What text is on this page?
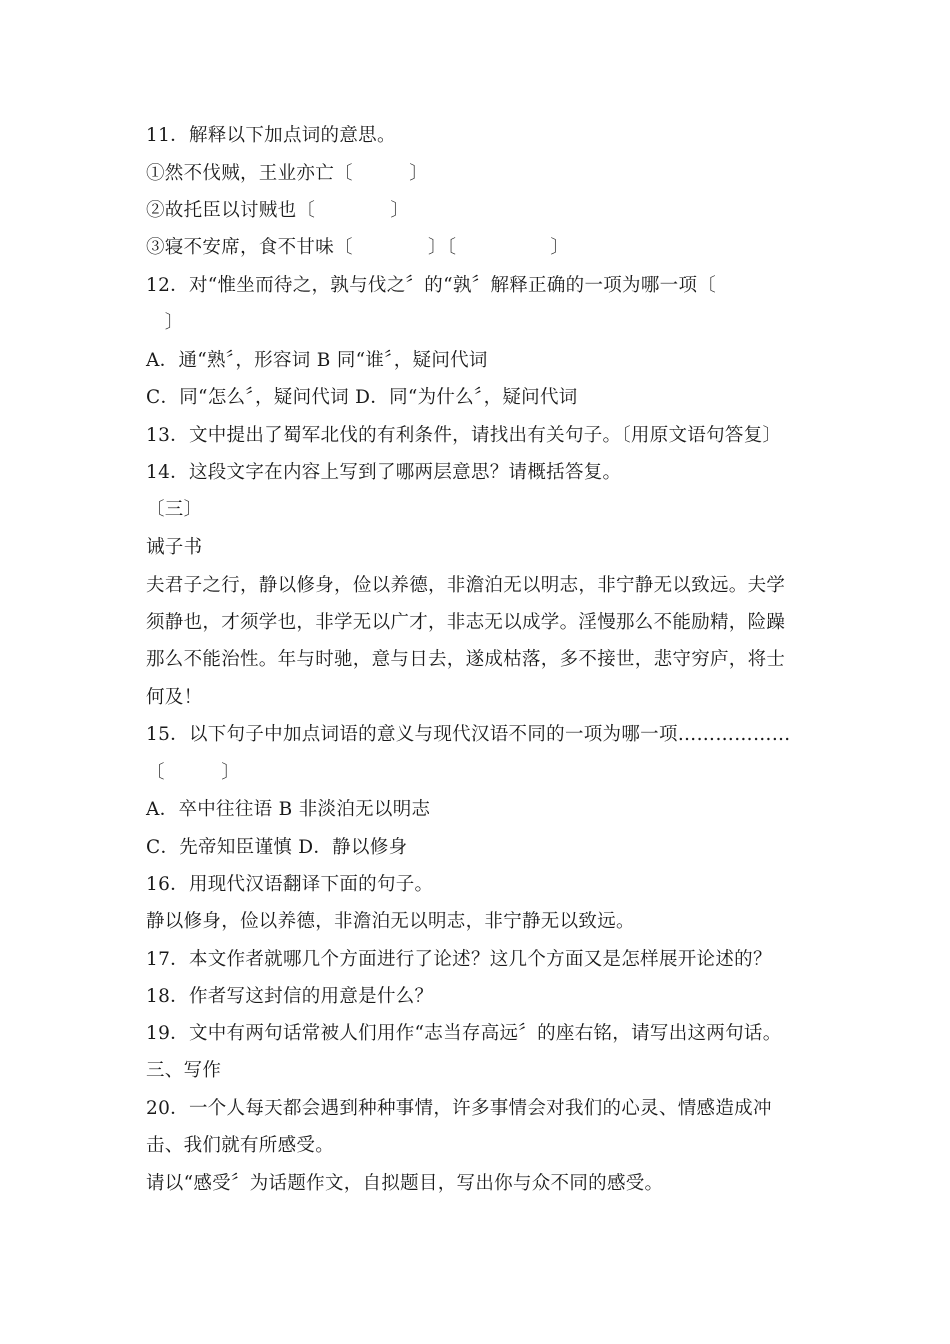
11．解释以下加点词的意思。
①然不伐贼，王业亦亡〔　　　〕
②故托臣以讨贼也〔　　　　〕
③寝不安席，食不甘味〔　　　　〕〔　　　　　〕
12．对“惟坐而待之，孰与伐之〞的“孰〞解释正确的一项为哪一项〔
　〕
A．通“熟〞，形容词 B 同“谁〞，疑问代词
C．同“怎么〞，疑问代词 D．同“为什么〞，疑问代词
13．文中提出了蜀军北伐的有利条件，请找出有关句子。〔用原文语句答复〕
14．这段文字在内容上写到了哪两层意思？请概括答复。
〔三〕
诫子书
夫君子之行，静以修身，俭以养德，非澹泊无以明志，非宁静无以致远。夫学
须静也，才须学也，非学无以广才，非志无以成学。淫慢那么不能励精，险躁
那么不能治性。年与时驰，意与日去，遂成枯落，多不接世，悲守穷庐，将士
何及！
15．以下句子中加点词语的意义与现代汉语不同的一项为哪一项………………
〔　　　〕
A．卒中往往语 B 非淡泊无以明志
C．先帝知臣谨慎 D．静以修身
16．用现代汉语翻译下面的句子。
静以修身，俭以养德，非澹泊无以明志，非宁静无以致远。
17．本文作者就哪几个方面进行了论述？这几个方面又是怎样展开论述的？
18．作者写这封信的用意是什么？
19．文中有两句话常被人们用作“志当存高远〞的座右铭，请写出这两句话。
三、写作
20．一个人每天都会遇到种种事情，许多事情会对我们的心灵、情感造成冲
击、我们就有所感受。
请以“感受〞为话题作文，自拟题目，写出你与众不同的感受。
